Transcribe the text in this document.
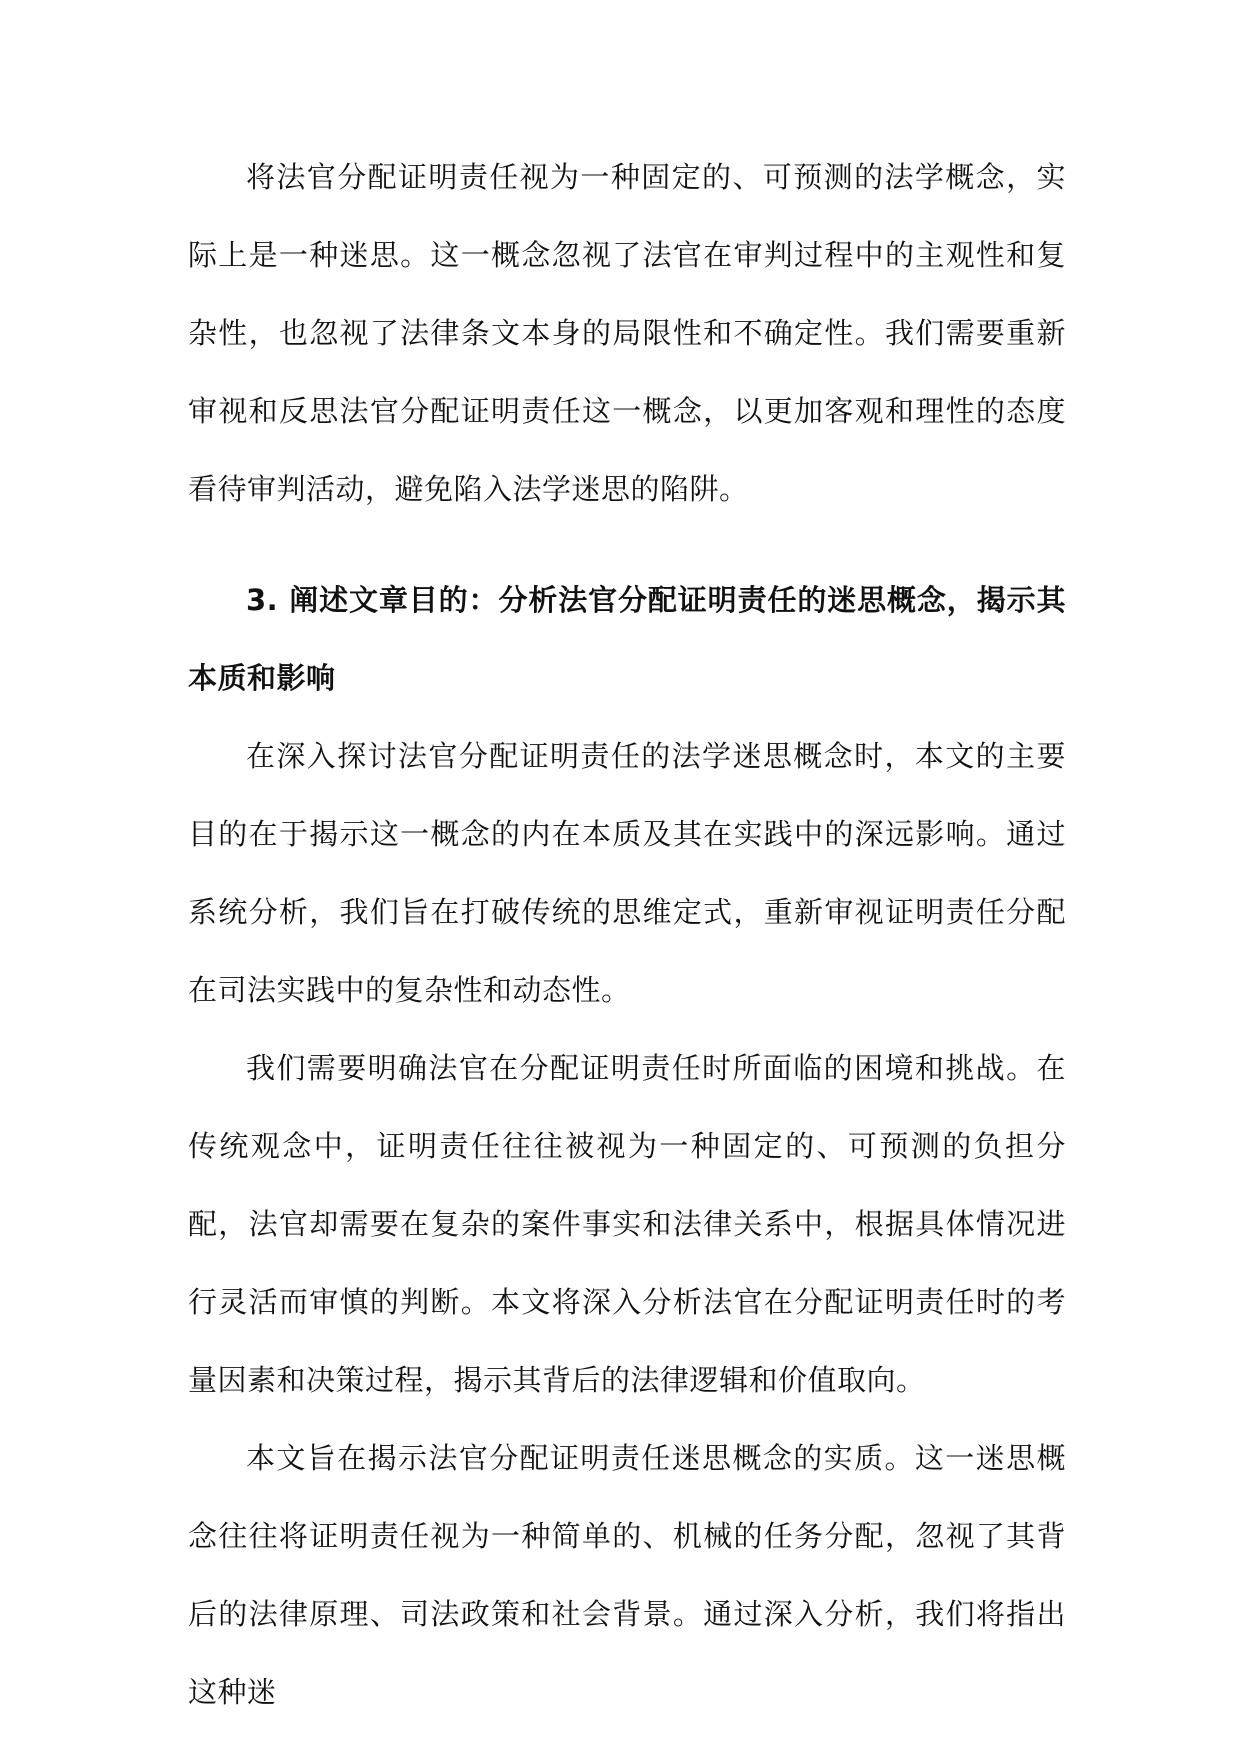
将法官分配证明责任视为一种固定的、可预测的法学概念，实际上是一种迷思。这一概念忽视了法官在审判过程中的主观性和复杂性，也忽视了法律条文本身的局限性和不确定性。我们需要重新审视和反思法官分配证明责任这一概念，以更加客观和理性的态度看待审判活动，避免陷入法学迷思的陷阱。

3. 阐述文章目的：分析法官分配证明责任的迷思概念，揭示其本质和影响

在深入探讨法官分配证明责任的法学迷思概念时，本文的主要目的在于揭示这一概念的内在本质及其在实践中的深远影响。通过系统分析，我们旨在打破传统的思维定式，重新审视证明责任分配在司法实践中的复杂性和动态性。

我们需要明确法官在分配证明责任时所面临的困境和挑战。在传统观念中，证明责任往往被视为一种固定的、可预测的负担分配，法官却需要在复杂的案件事实和法律关系中，根据具体情况进行灵活而审慎的判断。本文将深入分析法官在分配证明责任时的考量因素和决策过程，揭示其背后的法律逻辑和价值取向。

本文旨在揭示法官分配证明责任迷思概念的实质。这一迷思概念往往将证明责任视为一种简单的、机械的任务分配，忽视了其背后的法律原理、司法政策和社会背景。通过深入分析，我们将指出这种迷
